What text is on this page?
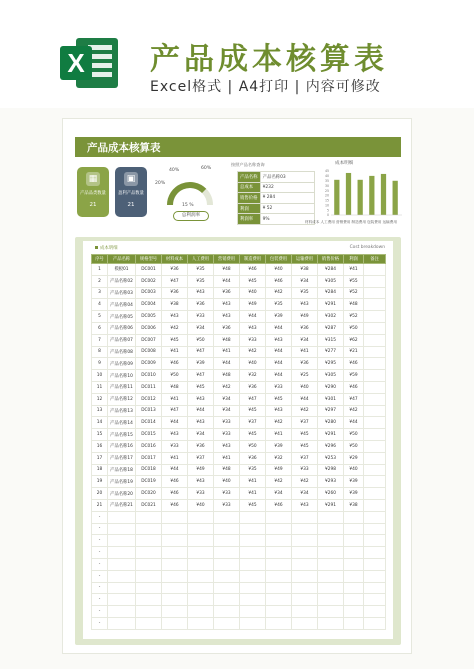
X 产品成本核算表
Excel格式 | A4打印 | 内容可修改
产品成本核算表
▦
产品品类数量
21
▣
盈利产品数量
21
20%
40%	60%
15 %
总利润率
按照产品名称查询
产品名称	产品名称03
总成本	¥232
销售价格	¥ 284
利润	¥ 52
利润率	9%
成本明细
0
5
10
15
20
25
30
35
40
45
材料成本 人工费用 营销费用 制造费用 包装费用 运输费用
成本明细	Cost breakdown
序号	产品名称	规格型号	材料成本	人工费用	营销费用	制造费用	包装费用	运输费用	销售价格	利润	备注
1	模板01	DC001	¥36	¥35	¥48	¥46	¥40	¥38	¥284	¥41	
2	产品名称02	DC002	¥47	¥35	¥44	¥45	¥46	¥34	¥305	¥55	
3	产品名称03	DC003	¥36	¥43	¥36	¥40	¥42	¥35	¥284	¥52	
4	产品名称04	DC004	¥38	¥36	¥43	¥49	¥35	¥43	¥291	¥48	
5	产品名称05	DC005	¥43	¥33	¥43	¥44	¥39	¥49	¥302	¥52	
6	产品名称06	DC006	¥42	¥34	¥36	¥43	¥44	¥36	¥287	¥50	
7	产品名称07	DC007	¥45	¥50	¥48	¥33	¥43	¥34	¥315	¥62	
8	产品名称08	DC008	¥41	¥47	¥41	¥42	¥44	¥41	¥277	¥21	
9	产品名称09	DC009	¥46	¥39	¥44	¥40	¥44	¥36	¥295	¥46	
10	产品名称10	DC010	¥50	¥47	¥48	¥32	¥44	¥25	¥305	¥59	
11	产品名称11	DC011	¥48	¥45	¥42	¥36	¥33	¥40	¥290	¥46	
12	产品名称12	DC012	¥41	¥43	¥34	¥47	¥45	¥44	¥301	¥47	
13	产品名称13	DC013	¥47	¥44	¥34	¥45	¥43	¥42	¥297	¥42	
14	产品名称14	DC014	¥44	¥43	¥33	¥37	¥42	¥37	¥280	¥44	
15	产品名称15	DC015	¥43	¥34	¥33	¥45	¥41	¥45	¥291	¥50	
16	产品名称16	DC016	¥33	¥36	¥43	¥50	¥39	¥45	¥296	¥50	
17	产品名称17	DC017	¥41	¥37	¥41	¥36	¥32	¥37	¥253	¥29	
18	产品名称18	DC018	¥44	¥49	¥48	¥35	¥49	¥33	¥298	¥40	
19	产品名称19	DC019	¥46	¥43	¥40	¥41	¥42	¥42	¥293	¥39	
20	产品名称20	DC020	¥46	¥33	¥33	¥41	¥34	¥34	¥260	¥39	
21	产品名称21	DC021	¥46	¥40	¥33	¥45	¥46	¥43	¥291	¥38	
-											
-											
-											
-											
-											
-											
-											
-											
-											
-											
